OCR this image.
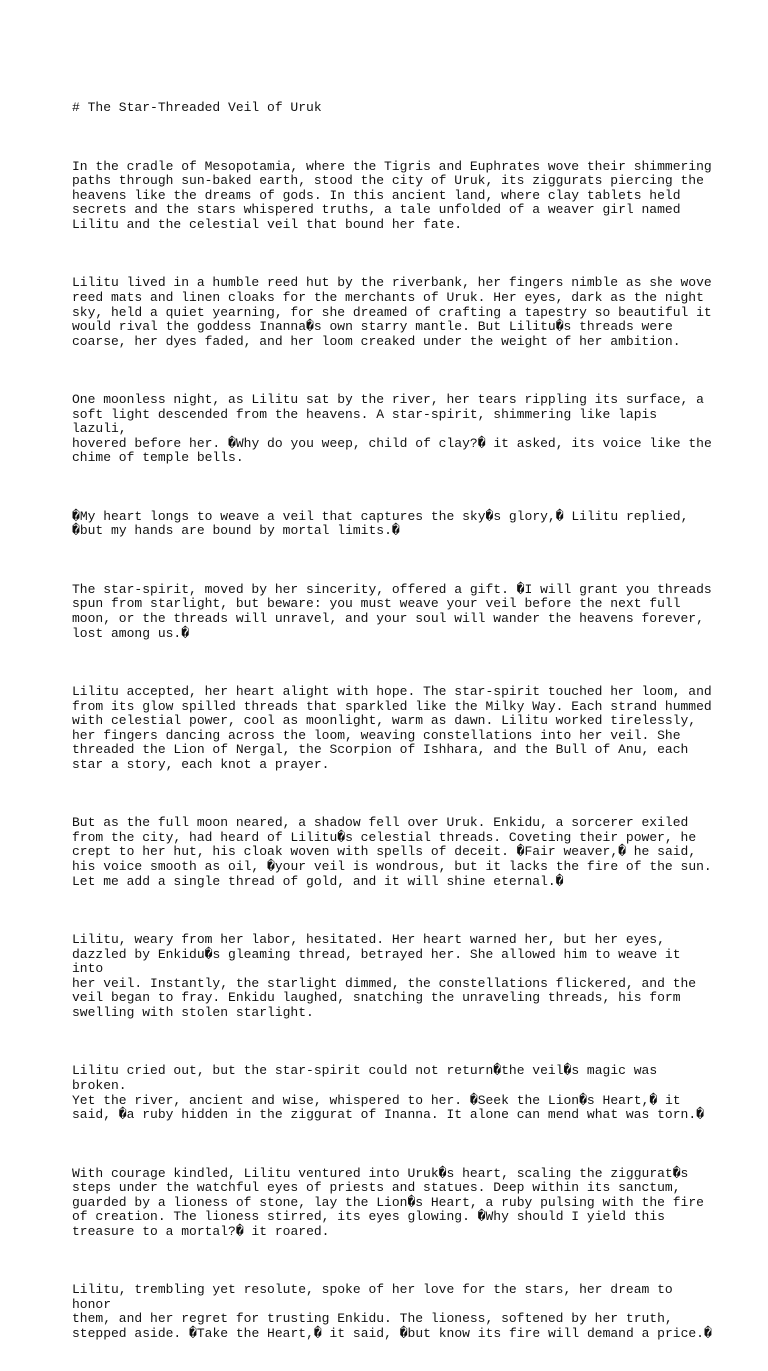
# The Star-Threaded Veil of Uruk

In the cradle of Mesopotamia, where the Tigris and Euphrates wove their shimmering
paths through sun-baked earth, stood the city of Uruk, its ziggurats piercing the
heavens like the dreams of gods. In this ancient land, where clay tablets held
secrets and the stars whispered truths, a tale unfolded of a weaver girl named
Lilitu and the celestial veil that bound her fate.

Lilitu lived in a humble reed hut by the riverbank, her fingers nimble as she wove
reed mats and linen cloaks for the merchants of Uruk. Her eyes, dark as the night
sky, held a quiet yearning, for she dreamed of crafting a tapestry so beautiful it
would rival the goddess Inanna�s own starry mantle. But Lilitu�s threads were
coarse, her dyes faded, and her loom creaked under the weight of her ambition.

One moonless night, as Lilitu sat by the river, her tears rippling its surface, a
soft light descended from the heavens. A star-spirit, shimmering like lapis lazuli,
hovered before her. �Why do you weep, child of clay?� it asked, its voice like the
chime of temple bells.

�My heart longs to weave a veil that captures the sky�s glory,� Lilitu replied,
�but my hands are bound by mortal limits.�

The star-spirit, moved by her sincerity, offered a gift. �I will grant you threads
spun from starlight, but beware: you must weave your veil before the next full
moon, or the threads will unravel, and your soul will wander the heavens forever,
lost among us.�

Lilitu accepted, her heart alight with hope. The star-spirit touched her loom, and
from its glow spilled threads that sparkled like the Milky Way. Each strand hummed
with celestial power, cool as moonlight, warm as dawn. Lilitu worked tirelessly,
her fingers dancing across the loom, weaving constellations into her veil. She
threaded the Lion of Nergal, the Scorpion of Ishhara, and the Bull of Anu, each
star a story, each knot a prayer.

But as the full moon neared, a shadow fell over Uruk. Enkidu, a sorcerer exiled
from the city, had heard of Lilitu�s celestial threads. Coveting their power, he
crept to her hut, his cloak woven with spells of deceit. �Fair weaver,� he said,
his voice smooth as oil, �your veil is wondrous, but it lacks the fire of the sun.
Let me add a single thread of gold, and it will shine eternal.�

Lilitu, weary from her labor, hesitated. Her heart warned her, but her eyes,
dazzled by Enkidu�s gleaming thread, betrayed her. She allowed him to weave it into
her veil. Instantly, the starlight dimmed, the constellations flickered, and the
veil began to fray. Enkidu laughed, snatching the unraveling threads, his form
swelling with stolen starlight.

Lilitu cried out, but the star-spirit could not return�the veil�s magic was broken.
Yet the river, ancient and wise, whispered to her. �Seek the Lion�s Heart,� it
said, �a ruby hidden in the ziggurat of Inanna. It alone can mend what was torn.�

With courage kindled, Lilitu ventured into Uruk�s heart, scaling the ziggurat�s
steps under the watchful eyes of priests and statues. Deep within its sanctum,
guarded by a lioness of stone, lay the Lion�s Heart, a ruby pulsing with the fire
of creation. The lioness stirred, its eyes glowing. �Why should I yield this
treasure to a mortal?� it roared.

Lilitu, trembling yet resolute, spoke of her love for the stars, her dream to honor
them, and her regret for trusting Enkidu. The lioness, softened by her truth,
stepped aside. �Take the Heart,� it said, �but know its fire will demand a price.�
